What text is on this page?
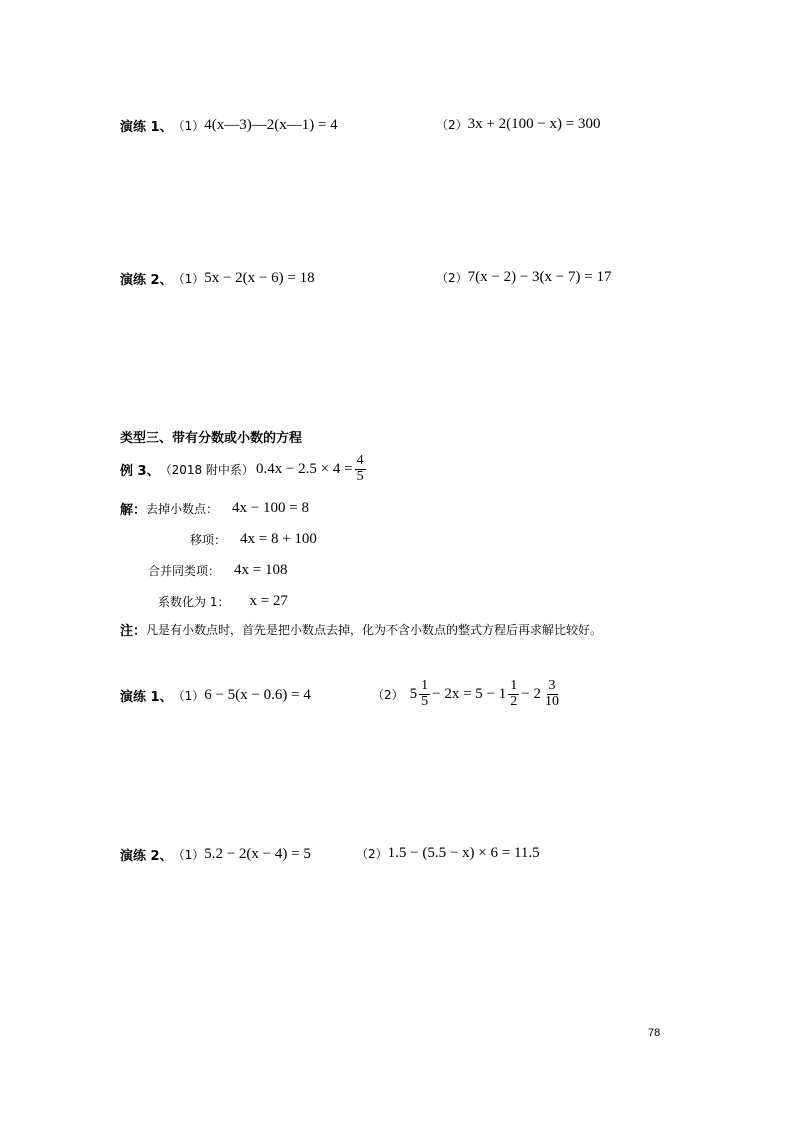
演练 1、 （1） 4(x—3)—2(x—1) = 4	（2） 3x + 2(100 − x) = 300
演练 2、 （1） 5x − 2(x − 6) = 18	（2） 7(x − 2) − 3(x − 7) = 17
类型三、带有分数或小数的方程
例 3、 （2018 附中系） $0.4x - 2.5 \times 4 = \frac{4}{5}$
解： 去掉小数点： 4x − 100 = 8
移项： 4x = 8 + 100
合并同类项： 4x = 108
系数化为 1： x = 27
注： 凡是有小数点时，首先是把小数点去掉，化为不含小数点的整式方程后再求解比较好。
演练 1、 （1） 6 − 5(x − 0.6) = 4	（2） $5 \frac{1}{5} - 2x = 5 - 1 \frac{1}{2} - 2 \frac{3}{10}$
演练 2、 （1） 5.2 − 2(x − 4) = 5	（2） 1.5 − (5.5 − x) × 6 = 11.5
78
